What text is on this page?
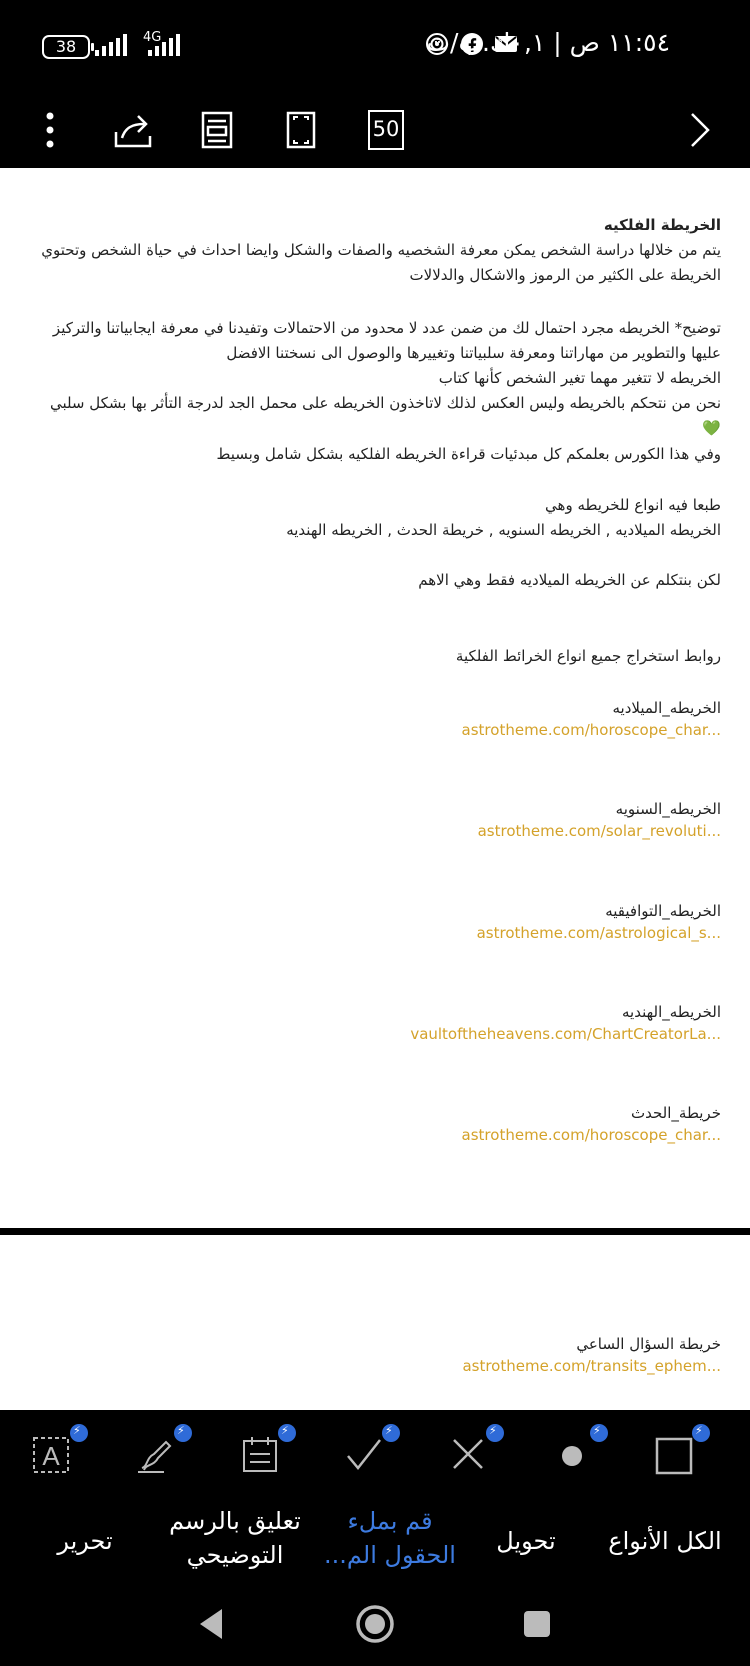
38	4G	١١:٥٤ ص | ٠,١ك.ب/ث
50
الخريطة الفلكيه
يتم من خلالها دراسة الشخص يمكن معرفة الشخصيه والصفات والشكل وايضا احداث في حياة الشخص وتحتوي الخريطة على الكثير من الرموز والاشكال والدلالات
توضيح* الخريطه مجرد احتمال لك من ضمن عدد لا محدود من الاحتمالات وتفيدنا في معرفة ايجابياتنا والتركيز عليها والتطوير من مهاراتنا ومعرفة سلبياتنا وتغييرها والوصول الى نسختنا الافضل
الخريطه لا تتغير مهما تغير الشخص كأنها كتاب
نحن من نتحكم بالخريطه وليس العكس لذلك لاتاخذون الخريطه على محمل الجد لدرجة التأثر بها بشكل سلبي 💚
وفي هذا الكورس بعلمكم كل مبدئيات قراءة الخريطه الفلكيه بشكل شامل وبسيط
طبعا فيه انواع للخريطه وهي
الخريطه الميلاديه , الخريطه السنويه , خريطة الحدث , الخريطه الهنديه
لكن بنتكلم عن الخريطه الميلاديه فقط وهي الاهم
روابط استخراج جميع انواع الخرائط الفلكية
الخريطه_الميلاديه
astrotheme.com/horoscope_char...
الخريطه_السنويه
astrotheme.com/solar_revoluti...
الخريطه_التوافيقيه
astrotheme.com/astrological_s...
الخريطه_الهنديه
vaultoftheheavens.com/ChartCreatorLa...
خريطة_الحدث
astrotheme.com/horoscope_char...
خريطة السؤال الساعي
astrotheme.com/transits_ephem...
A
⚡
⚡
⚡
⚡
⚡
⚡
⚡
الكل الأنواع
تحويل
قم بملء الحقول الم...
تعليق بالرسم التوضيحي
تحرير
